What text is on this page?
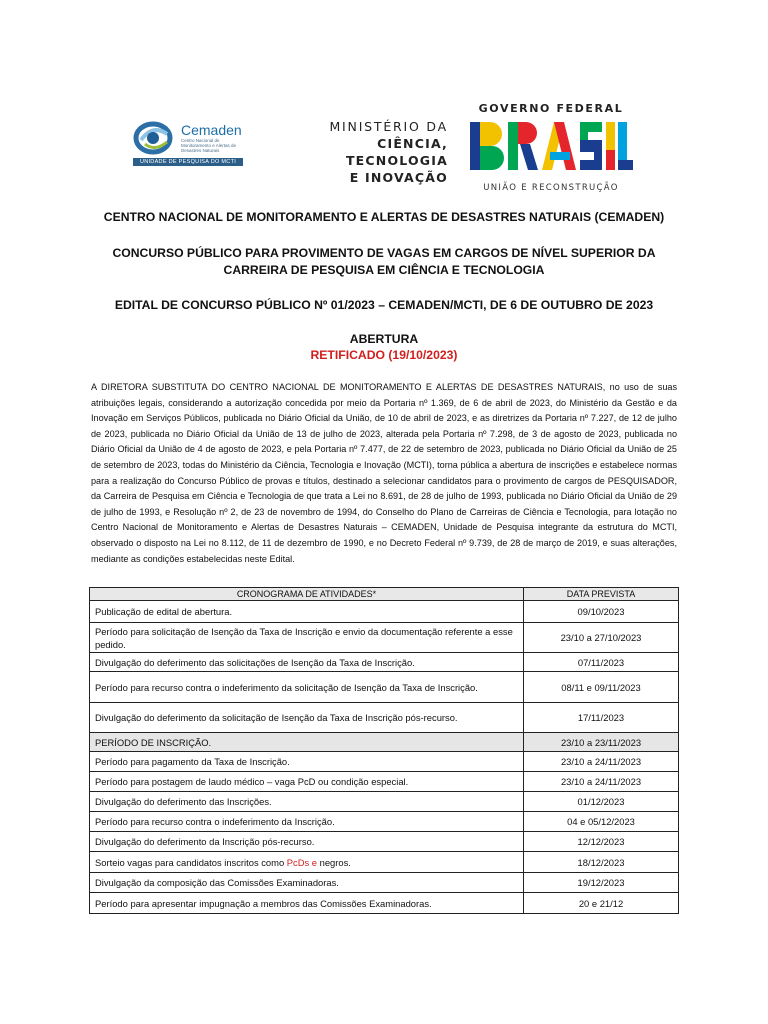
Cemaden
Centro Nacional de Monitoramento e Alertas de Desastres Naturais
UNIDADE DE PESQUISA DO MCTI
MINISTÉRIO DA
CIÊNCIA, TECNOLOGIA
E INOVAÇÃO
GOVERNO FEDERAL
UNIÃO E RECONSTRUÇÃO
CENTRO NACIONAL DE MONITORAMENTO E ALERTAS DE DESASTRES NATURAIS (CEMADEN)
CONCURSO PÚBLICO PARA PROVIMENTO DE VAGAS EM CARGOS DE NÍVEL SUPERIOR DA CARREIRA DE PESQUISA EM CIÊNCIA E TECNOLOGIA
EDITAL DE CONCURSO PÚBLICO Nº 01/2023 – CEMADEN/MCTI, DE 6 DE OUTUBRO DE 2023
ABERTURA
RETIFICADO (19/10/2023)
A DIRETORA SUBSTITUTA DO CENTRO NACIONAL DE MONITORAMENTO E ALERTAS DE DESASTRES NATURAIS, no uso de suas atribuições legais, considerando a autorização concedida por meio da Portaria nº 1.369, de 6 de abril de 2023, do Ministério da Gestão e da Inovação em Serviços Públicos, publicada no Diário Oficial da União, de 10 de abril de 2023, e as diretrizes da Portaria nº 7.227, de 12 de julho de 2023, publicada no Diário Oficial da União de 13 de julho de 2023, alterada pela Portaria nº 7.298, de 3 de agosto de 2023, publicada no Diário Oficial da União de 4 de agosto de 2023, e pela Portaria nº 7.477, de 22 de setembro de 2023, publicada no Diário Oficial da União de 25 de setembro de 2023, todas do Ministério da Ciência, Tecnologia e Inovação (MCTI), torna pública a abertura de inscrições e estabelece normas para a realização do Concurso Público de provas e títulos, destinado a selecionar candidatos para o provimento de cargos de PESQUISADOR, da Carreira de Pesquisa em Ciência e Tecnologia de que trata a Lei no 8.691, de 28 de julho de 1993, publicada no Diário Oficial da União de 29 de julho de 1993, e Resolução nº 2, de 23 de novembro de 1994, do Conselho do Plano de Carreiras de Ciência e Tecnologia, para lotação no Centro Nacional de Monitoramento e Alertas de Desastres Naturais – CEMADEN, Unidade de Pesquisa integrante da estrutura do MCTI, observado o disposto na Lei no 8.112, de 11 de dezembro de 1990, e no Decreto Federal nº 9.739, de 28 de março de 2019, e suas alterações, mediante as condições estabelecidas neste Edital.
CRONOGRAMA DE ATIVIDADES*	DATA PREVISTA
Publicação de edital de abertura.	09/10/2023
Período para solicitação de Isenção da Taxa de Inscrição e envio da documentação referente a esse pedido.	23/10 a 27/10/2023
Divulgação do deferimento das solicitações de Isenção da Taxa de Inscrição.	07/11/2023
Período para recurso contra o indeferimento da solicitação de Isenção da Taxa de Inscrição.	08/11 e 09/11/2023
Divulgação do deferimento da solicitação de Isenção da Taxa de Inscrição pós-recurso.	17/11/2023
PERÍODO DE INSCRIÇÃO.	23/10 a 23/11/2023
Período para pagamento da Taxa de Inscrição.	23/10 a 24/11/2023
Período para postagem de laudo médico – vaga PcD ou condição especial.	23/10 a 24/11/2023
Divulgação do deferimento das Inscrições.	01/12/2023
Período para recurso contra o indeferimento da Inscrição.	04 e 05/12/2023
Divulgação do deferimento da Inscrição pós-recurso.	12/12/2023
Sorteio vagas para candidatos inscritos como PcDs e negros.	18/12/2023
Divulgação da composição das Comissões Examinadoras.	19/12/2023
Período para apresentar impugnação a membros das Comissões Examinadoras.	20 e 21/12
